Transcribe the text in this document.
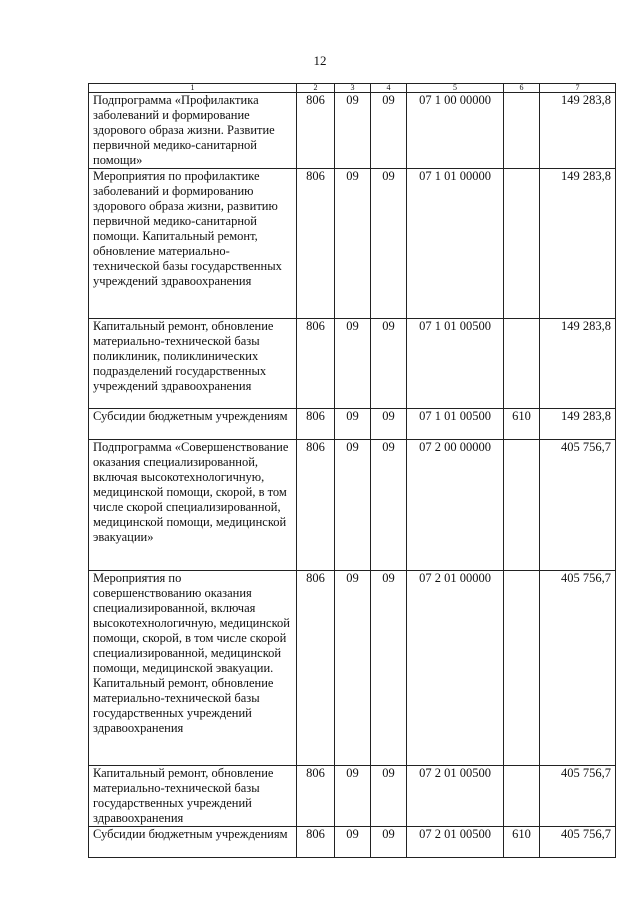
12
1	2	3	4	5	6	7
Подпрограмма «Профилактика заболеваний и формирование здорового образа жизни. Развитие первичной медико-санитарной помощи»	806	09	09	07 1 00 00000		149 283,8
Мероприятия по профилактике заболеваний и формированию здорового образа жизни, развитию первичной медико-санитарной помощи. Капитальный ремонт, обновление материально-технической базы государственных учреждений здравоохранения	806	09	09	07 1 01 00000		149 283,8
Капитальный ремонт, обновление материально-технической базы поликлиник, поликлинических подразделений государственных учреждений здравоохранения	806	09	09	07 1 01 00500		149 283,8
Субсидии бюджетным учреждениям	806	09	09	07 1 01 00500	610	149 283,8
Подпрограмма «Совершенствование оказания специализированной, включая высокотехнологичную, медицинской помощи, скорой, в том числе скорой специализированной, медицинской помощи, медицинской эвакуации»	806	09	09	07 2 00 00000		405 756,7
Мероприятия по совершенствованию оказания специализированной, включая высокотехнологичную, медицинской помощи, скорой, в том числе скорой специализированной, медицинской помощи, медицинской эвакуации. Капитальный ремонт, обновление материально-технической базы государственных учреждений здравоохранения	806	09	09	07 2 01 00000		405 756,7
Капитальный ремонт, обновление материально-технической базы государственных учреждений здравоохранения	806	09	09	07 2 01 00500		405 756,7
Субсидии бюджетным учреждениям	806	09	09	07 2 01 00500	610	405 756,7
